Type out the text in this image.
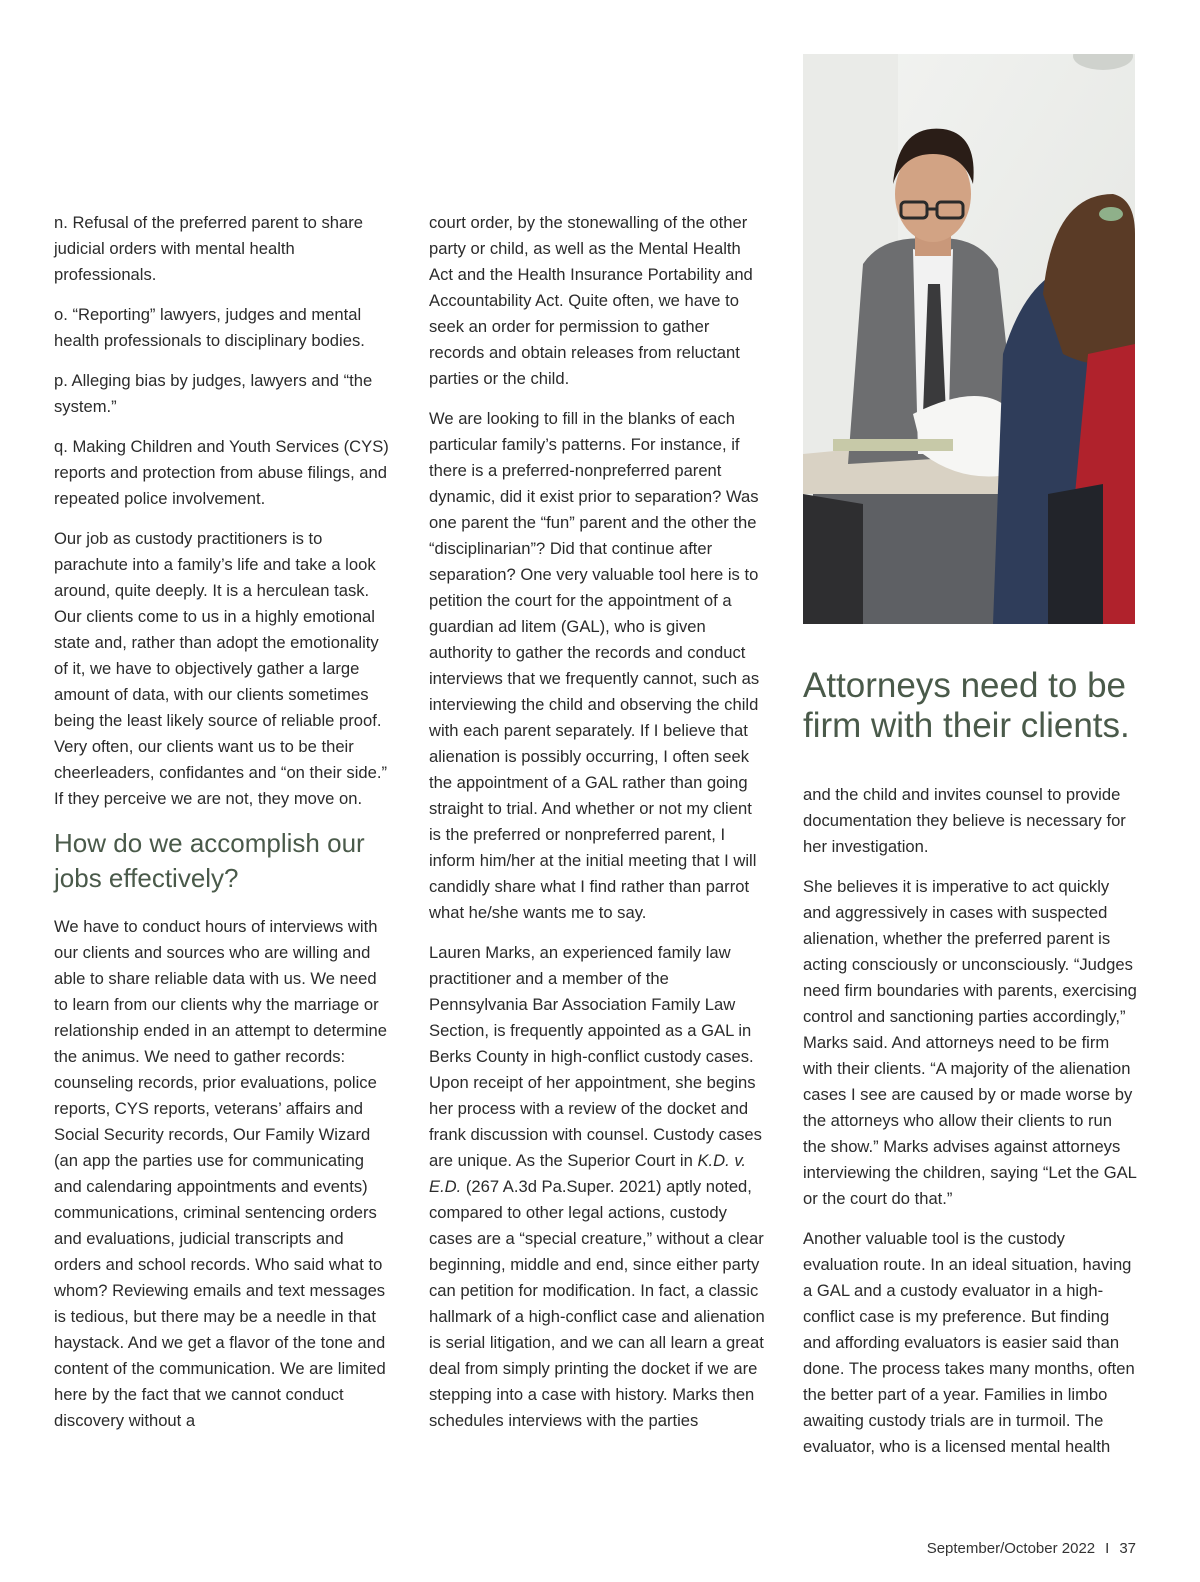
n. Refusal of the preferred parent to share judicial orders with mental health professionals.

o. “Reporting” lawyers, judges and mental health professionals to disciplinary bodies.

p. Alleging bias by judges, lawyers and “the system.”

q. Making Children and Youth Services (CYS) reports and protection from abuse filings, and repeated police involvement.

Our job as custody practitioners is to parachute into a family’s life and take a look around, quite deeply. It is a herculean task. Our clients come to us in a highly emotional state and, rather than adopt the emotionality of it, we have to objectively gather a large amount of data, with our clients sometimes being the least likely source of reliable proof. Very often, our clients want us to be their cheerleaders, confidantes and “on their side.” If they perceive we are not, they move on.

How do we accomplish our jobs effectively?

We have to conduct hours of interviews with our clients and sources who are willing and able to share reliable data with us. We need to learn from our clients why the marriage or relationship ended in an attempt to determine the animus. We need to gather records: counseling records, prior evaluations, police reports, CYS reports, veterans’ affairs and Social Security records, Our Family Wizard (an app the parties use for communicating and calendaring appointments and events) communications, criminal sentencing orders and evaluations, judicial transcripts and orders and school records. Who said what to whom? Reviewing emails and text messages is tedious, but there may be a needle in that haystack. And we get a flavor of the tone and content of the communication. We are limited here by the fact that we cannot conduct discovery without a

court order, by the stonewalling of the other party or child, as well as the Mental Health Act and the Health Insurance Portability and Accountability Act. Quite often, we have to seek an order for permission to gather records and obtain releases from reluctant parties or the child.

We are looking to fill in the blanks of each particular family’s patterns. For instance, if there is a preferred-nonpreferred parent dynamic, did it exist prior to separation? Was one parent the “fun” parent and the other the “disciplinarian”? Did that continue after separation? One very valuable tool here is to petition the court for the appointment of a guardian ad litem (GAL), who is given authority to gather the records and conduct interviews that we frequently cannot, such as interviewing the child and observing the child with each parent separately. If I believe that alienation is possibly occurring, I often seek the appointment of a GAL rather than going straight to trial. And whether or not my client is the preferred or nonpreferred parent, I inform him/her at the initial meeting that I will candidly share what I find rather than parrot what he/she wants me to say.

Lauren Marks, an experienced family law practitioner and a member of the Pennsylvania Bar Association Family Law Section, is frequently appointed as a GAL in Berks County in high-conflict custody cases. Upon receipt of her appointment, she begins her process with a review of the docket and frank discussion with counsel. Custody cases are unique. As the Superior Court in K.D. v. E.D. (267 A.3d Pa.Super. 2021) aptly noted, compared to other legal actions, custody cases are a “special creature,” without a clear beginning, middle and end, since either party can petition for modification. In fact, a classic hallmark of a high-conflict case and alienation is serial litigation, and we can all learn a great deal from simply printing the docket if we are stepping into a case with history. Marks then schedules interviews with the parties

Attorneys need to be firm with their clients.

and the child and invites counsel to provide documentation they believe is necessary for her investigation.

She believes it is imperative to act quickly and aggressively in cases with suspected alienation, whether the preferred parent is acting consciously or unconsciously. “Judges need firm boundaries with parents, exercising control and sanctioning parties accordingly,” Marks said. And attorneys need to be firm with their clients. “A majority of the alienation cases I see are caused by or made worse by the attorneys who allow their clients to run the show.” Marks advises against attorneys interviewing the children, saying “Let the GAL or the court do that.”

Another valuable tool is the custody evaluation route. In an ideal situation, having a GAL and a custody evaluator in a high-conflict case is my preference. But finding and affording evaluators is easier said than done. The process takes many months, often the better part of a year. Families in limbo awaiting custody trials are in turmoil. The evaluator, who is a licensed mental health

September/October 2022 I 37
